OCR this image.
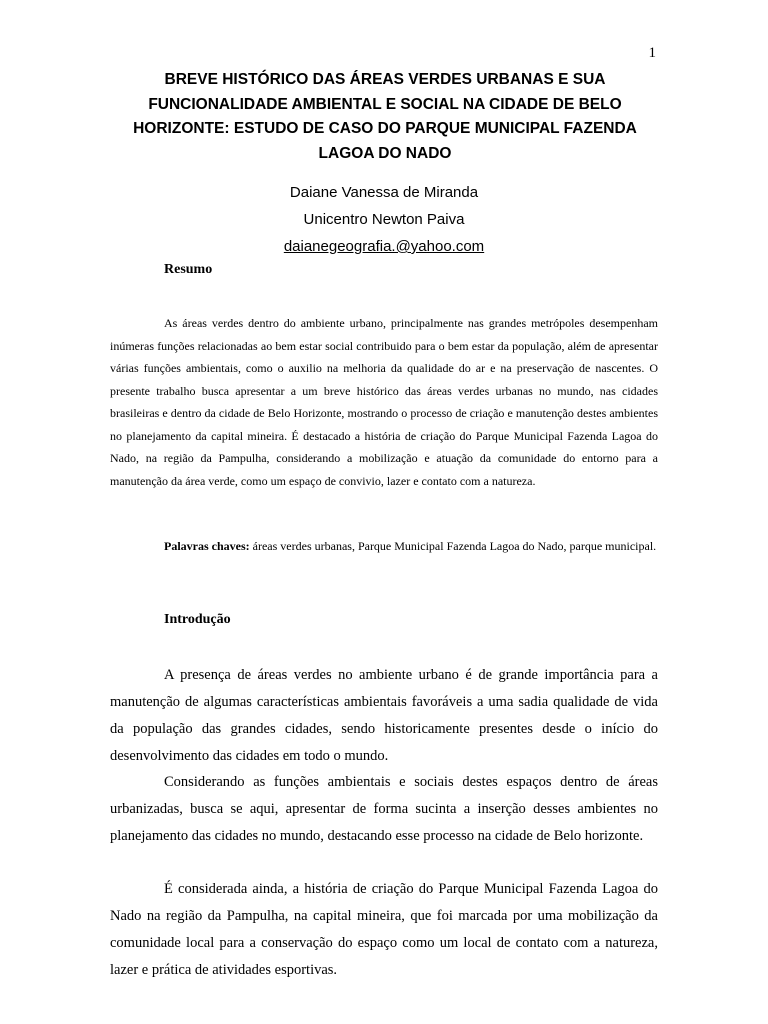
1
BREVE HISTÓRICO DAS ÁREAS VERDES URBANAS E SUA FUNCIONALIDADE AMBIENTAL E SOCIAL NA CIDADE DE BELO HORIZONTE: ESTUDO DE CASO DO PARQUE MUNICIPAL FAZENDA LAGOA DO NADO
Daiane Vanessa de Miranda
Unicentro Newton Paiva
daianegeografia.@yahoo.com
Resumo

As áreas verdes dentro do ambiente urbano, principalmente nas grandes metrópoles desempenham inúmeras funções relacionadas ao bem estar social contribuido para o bem estar da população, além de apresentar várias funções ambientais, como o auxilio na melhoria da qualidade do ar e na preservação de nascentes. O presente trabalho busca apresentar a um breve histórico das áreas verdes urbanas no mundo, nas cidades brasileiras e dentro da cidade de Belo Horizonte, mostrando o processo de criação e manutenção destes ambientes no planejamento da capital mineira. É destacado a história de criação do Parque Municipal Fazenda Lagoa do Nado, na região da Pampulha, considerando a mobilização e atuação da comunidade do entorno para a manutenção da área verde, como um espaço de convivio, lazer e contato com a natureza.

Palavras chaves: áreas verdes urbanas, Parque Municipal Fazenda Lagoa do Nado, parque municipal.

Introdução

A presença de áreas verdes no ambiente urbano é de grande importância para a manutenção de algumas características ambientais favoráveis a uma sadia qualidade de vida da população das grandes cidades, sendo historicamente presentes desde o início do desenvolvimento das cidades em todo o mundo.

Considerando as funções ambientais e sociais destes espaços dentro de áreas urbanizadas, busca se aqui, apresentar de forma sucinta a inserção desses ambientes no planejamento das cidades no mundo, destacando esse processo na cidade de Belo horizonte.

É considerada ainda, a história de criação do Parque Municipal Fazenda Lagoa do Nado na região da Pampulha, na capital mineira, que foi marcada por uma mobilização da comunidade local para a conservação do espaço como um local de contato com a natureza, lazer e prática de atividades esportivas.
